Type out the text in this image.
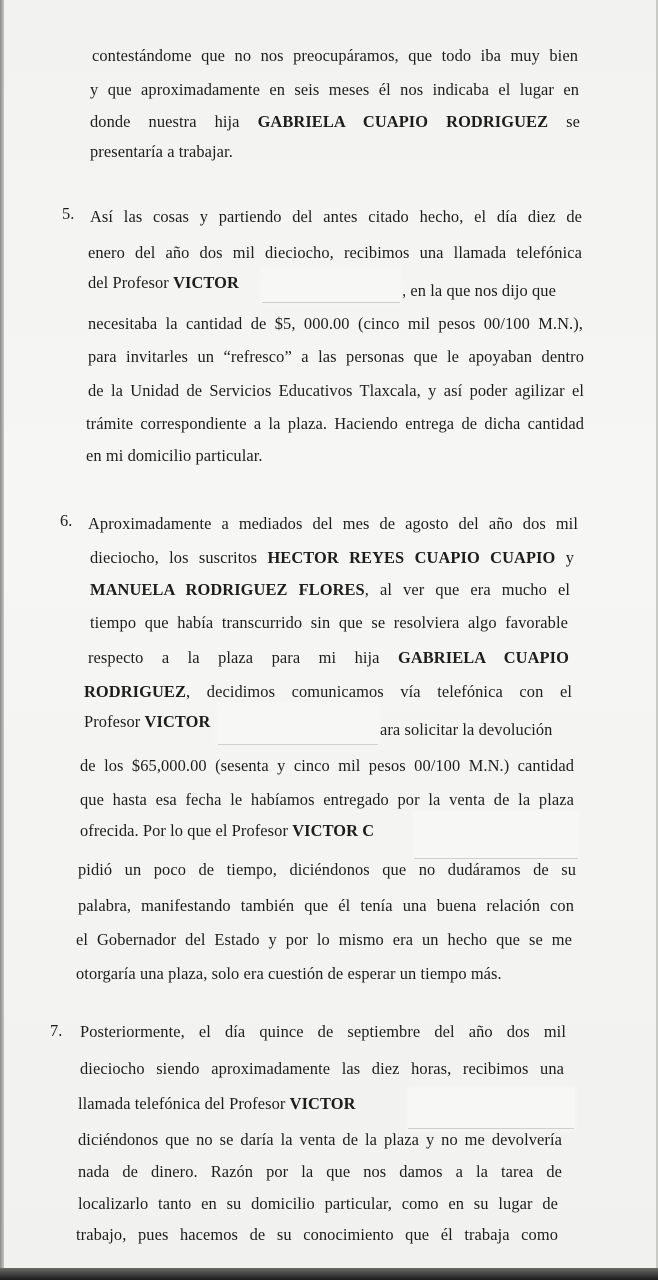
contestándome que no nos preocupáramos, que todo iba muy bien
y que aproximadamente en seis meses él nos indicaba el lugar en
donde nuestra hija GABRIELA CUAPIO RODRIGUEZ se
presentaría a trabajar.
5. Así las cosas y partiendo del antes citado hecho, el día diez de
enero del año dos mil dieciocho, recibimos una llamada telefónica
del Profesor VICTOR	, en la que nos dijo que
necesitaba la cantidad de $5, 000.00 (cinco mil pesos 00/100 M.N.),
para invitarles un “refresco” a las personas que le apoyaban dentro
de la Unidad de Servicios Educativos Tlaxcala, y así poder agilizar el
trámite correspondiente a la plaza. Haciendo entrega de dicha cantidad
en mi domicilio particular.
6. Aproximadamente a mediados del mes de agosto del año dos mil
dieciocho, los suscritos HECTOR REYES CUAPIO CUAPIO y
MANUELA RODRIGUEZ FLORES, al ver que era mucho el
tiempo que había transcurrido sin que se resolviera algo favorable
respecto a la plaza para mi hija GABRIELA CUAPIO
RODRIGUEZ, decidimos comunicamos vía telefónica con el
Profesor VICTOR	ara solicitar la devolución
de los $65,000.00 (sesenta y cinco mil pesos 00/100 M.N.) cantidad
que hasta esa fecha le habíamos entregado por la venta de la plaza
ofrecida. Por lo que el Profesor VICTOR C
pidió un poco de tiempo, diciéndonos que no dudáramos de su
palabra, manifestando también que él tenía una buena relación con
el Gobernador del Estado y por lo mismo era un hecho que se me
otorgaría una plaza, solo era cuestión de esperar un tiempo más.
7. Posteriormente, el día quince de septiembre del año dos mil
dieciocho siendo aproximadamente las diez horas, recibimos una
llamada telefónica del Profesor VICTOR
diciéndonos que no se daría la venta de la plaza y no me devolvería
nada de dinero. Razón por la que nos damos a la tarea de
localizarlo tanto en su domicilio particular, como en su lugar de
trabajo, pues hacemos de su conocimiento que él trabaja como
